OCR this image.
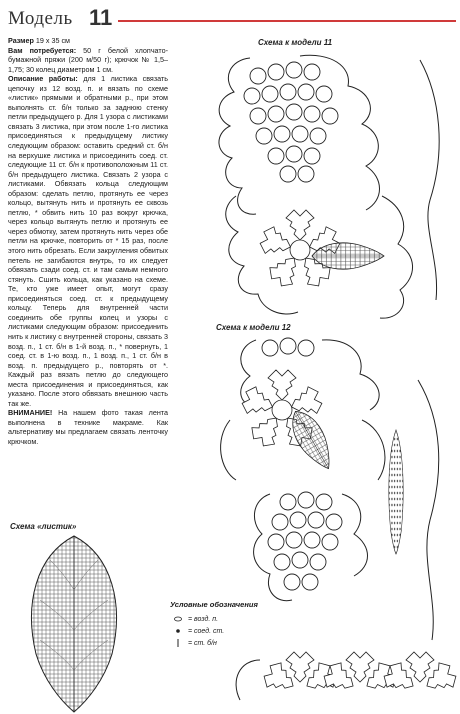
Модель 11

Размер 19 х 35 см

Вам потребуется: 50 г белой хлопчато-бумажной пряжи (200 м/50 г); крючок № 1,5–1,75; 30 колец диаметром 1 см.

Описание работы: для 1 листика связать цепочку из 12 возд. п. и вязать по схеме «листик» прямыми и обратными р., при этом выполнять ст. б/н только за заднюю стенку петли предыдущего р. Для 1 узора с листиками связать 3 листика, при этом после 1-го листика присоединяться к предыдущему листику следующим образом: оставить средний ст. б/н на верхушке листика и присоединить соед. ст. следующие 11 ст. б/н к противоположным 11 ст. б/н предыдущего листика. Связать 2 узора с листиками. Обвязать кольца следующим образом: сделать петлю, протянуть ее через кольцо, вытянуть нить и протянуть ее сквозь петлю, * обвить нить 10 раз вокруг крючка, через кольцо вытянуть петлю и протянуть ее через обмотку, затем протянуть нить через обе петли на крючке, повторить от * 15 раз, после этого нить обрезать. Если закругления обвитых петель не загибаются внутрь, то их следует обвязать сзади соед. ст. и там самым немного стянуть. Сшить кольца, как указано на схеме. Те, кто уже имеет опыт, могут сразу присоединяться соед. ст. к предыдущему кольцу. Теперь для внутренней части соединить обе группы колец и узоры с листиками следующим образом: присоединить нить к листику с внутренней стороны, связать 3 возд. п., 1 ст. б/н в 1-й возд. п., * повернуть, 1 соед. ст. в 1-ю возд. п., 1 возд. п., 1 ст. б/н в возд. п. предыдущего р., повторять от *. Каждый раз вязать петлю до следующего места присоединения и присоединяться, как указано. После этого обвязать внешнюю часть так же.

ВНИМАНИЕ! На нашем фото такая лента выполнена в технике макраме. Как альтернативу мы предлагаем связать ленточку крючком.

Схема к модели 11
Схема к модели 12
Схема «листик»
Условные обозначения
= возд. п.
= соед. ст.
= ст. б/н
